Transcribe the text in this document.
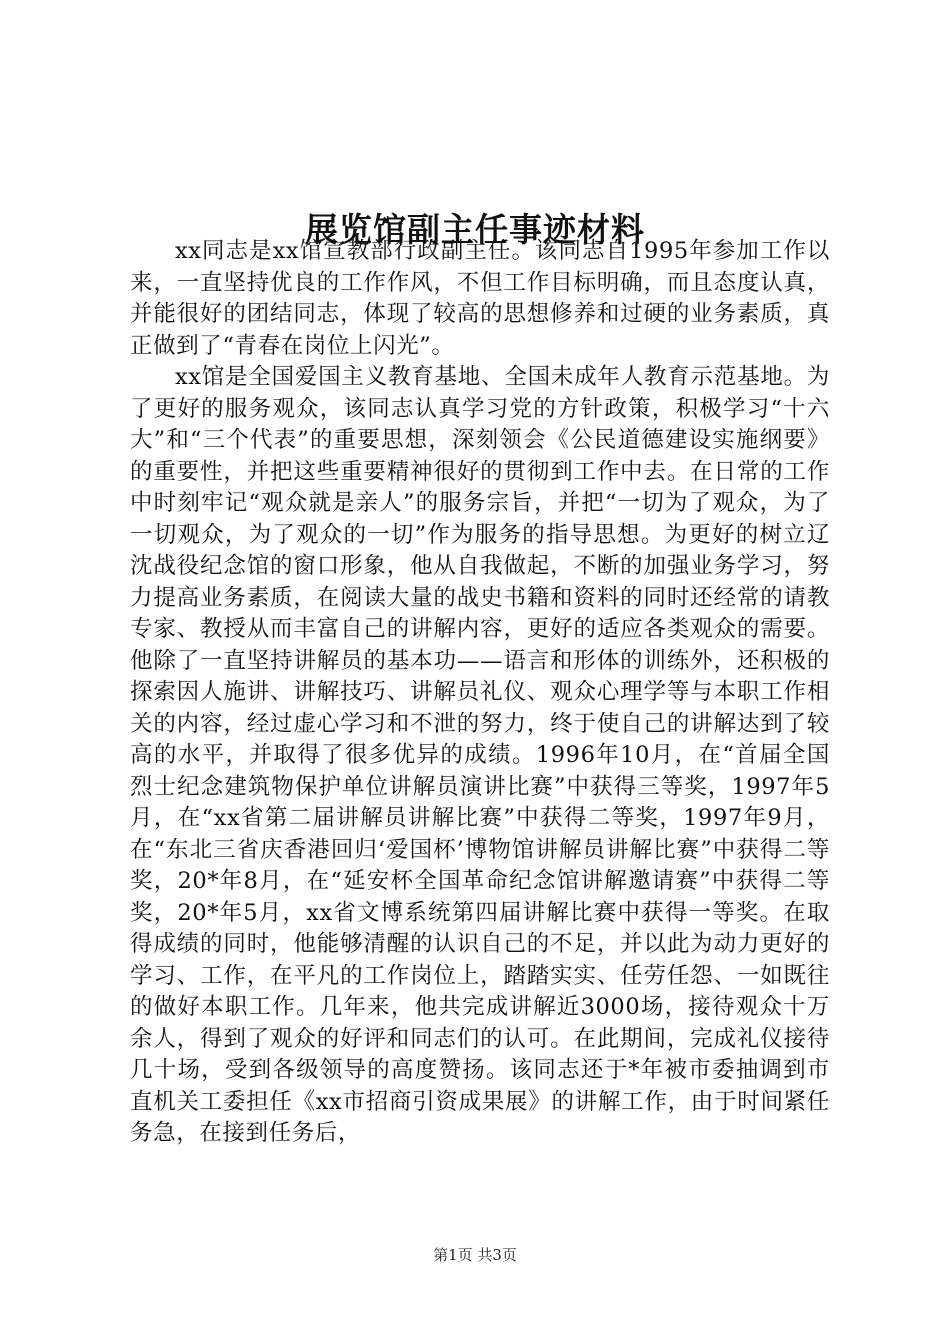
展览馆副主任事迹材料

xx同志是xx馆宣教部行政副主任。该同志自1995年参加工作以来，一直坚持优良的工作作风，不但工作目标明确，而且态度认真，并能很好的团结同志，体现了较高的思想修养和过硬的业务素质，真正做到了“青春在岗位上闪光”。

xx馆是全国爱国主义教育基地、全国未成年人教育示范基地。为了更好的服务观众，该同志认真学习党的方针政策，积极学习“十六大”和“三个代表”的重要思想，深刻领会《公民道德建设实施纲要》的重要性，并把这些重要精神很好的贯彻到工作中去。在日常的工作中时刻牢记“观众就是亲人”的服务宗旨，并把“一切为了观众，为了一切观众，为了观众的一切”作为服务的指导思想。为更好的树立辽沈战役纪念馆的窗口形象，他从自我做起，不断的加强业务学习，努力提高业务素质，在阅读大量的战史书籍和资料的同时还经常的请教专家、教授从而丰富自己的讲解内容，更好的适应各类观众的需要。他除了一直坚持讲解员的基本功——语言和形体的训练外，还积极的探索因人施讲、讲解技巧、讲解员礼仪、观众心理学等与本职工作相关的内容，经过虚心学习和不泄的努力，终于使自己的讲解达到了较高的水平，并取得了很多优异的成绩。1996年10月，在“首届全国烈士纪念建筑物保护单位讲解员演讲比赛”中获得三等奖，1997年5月，在“xx省第二届讲解员讲解比赛”中获得二等奖，1997年9月，在“东北三省庆香港回归‘爱国杯’博物馆讲解员讲解比赛”中获得二等奖，20*年8月，在“延安杯全国革命纪念馆讲解邀请赛”中获得二等奖，20*年5月，xx省文博系统第四届讲解比赛中获得一等奖。在取得成绩的同时，他能够清醒的认识自己的不足，并以此为动力更好的学习、工作，在平凡的工作岗位上，踏踏实实、任劳任怨、一如既往的做好本职工作。几年来，他共完成讲解近3000场，接待观众十万余人，得到了观众的好评和同志们的认可。在此期间，完成礼仪接待几十场，受到各级领导的高度赞扬。该同志还于*年被市委抽调到市直机关工委担任《xx市招商引资成果展》的讲解工作，由于时间紧任务急，在接到任务后，

第1页 共3页
